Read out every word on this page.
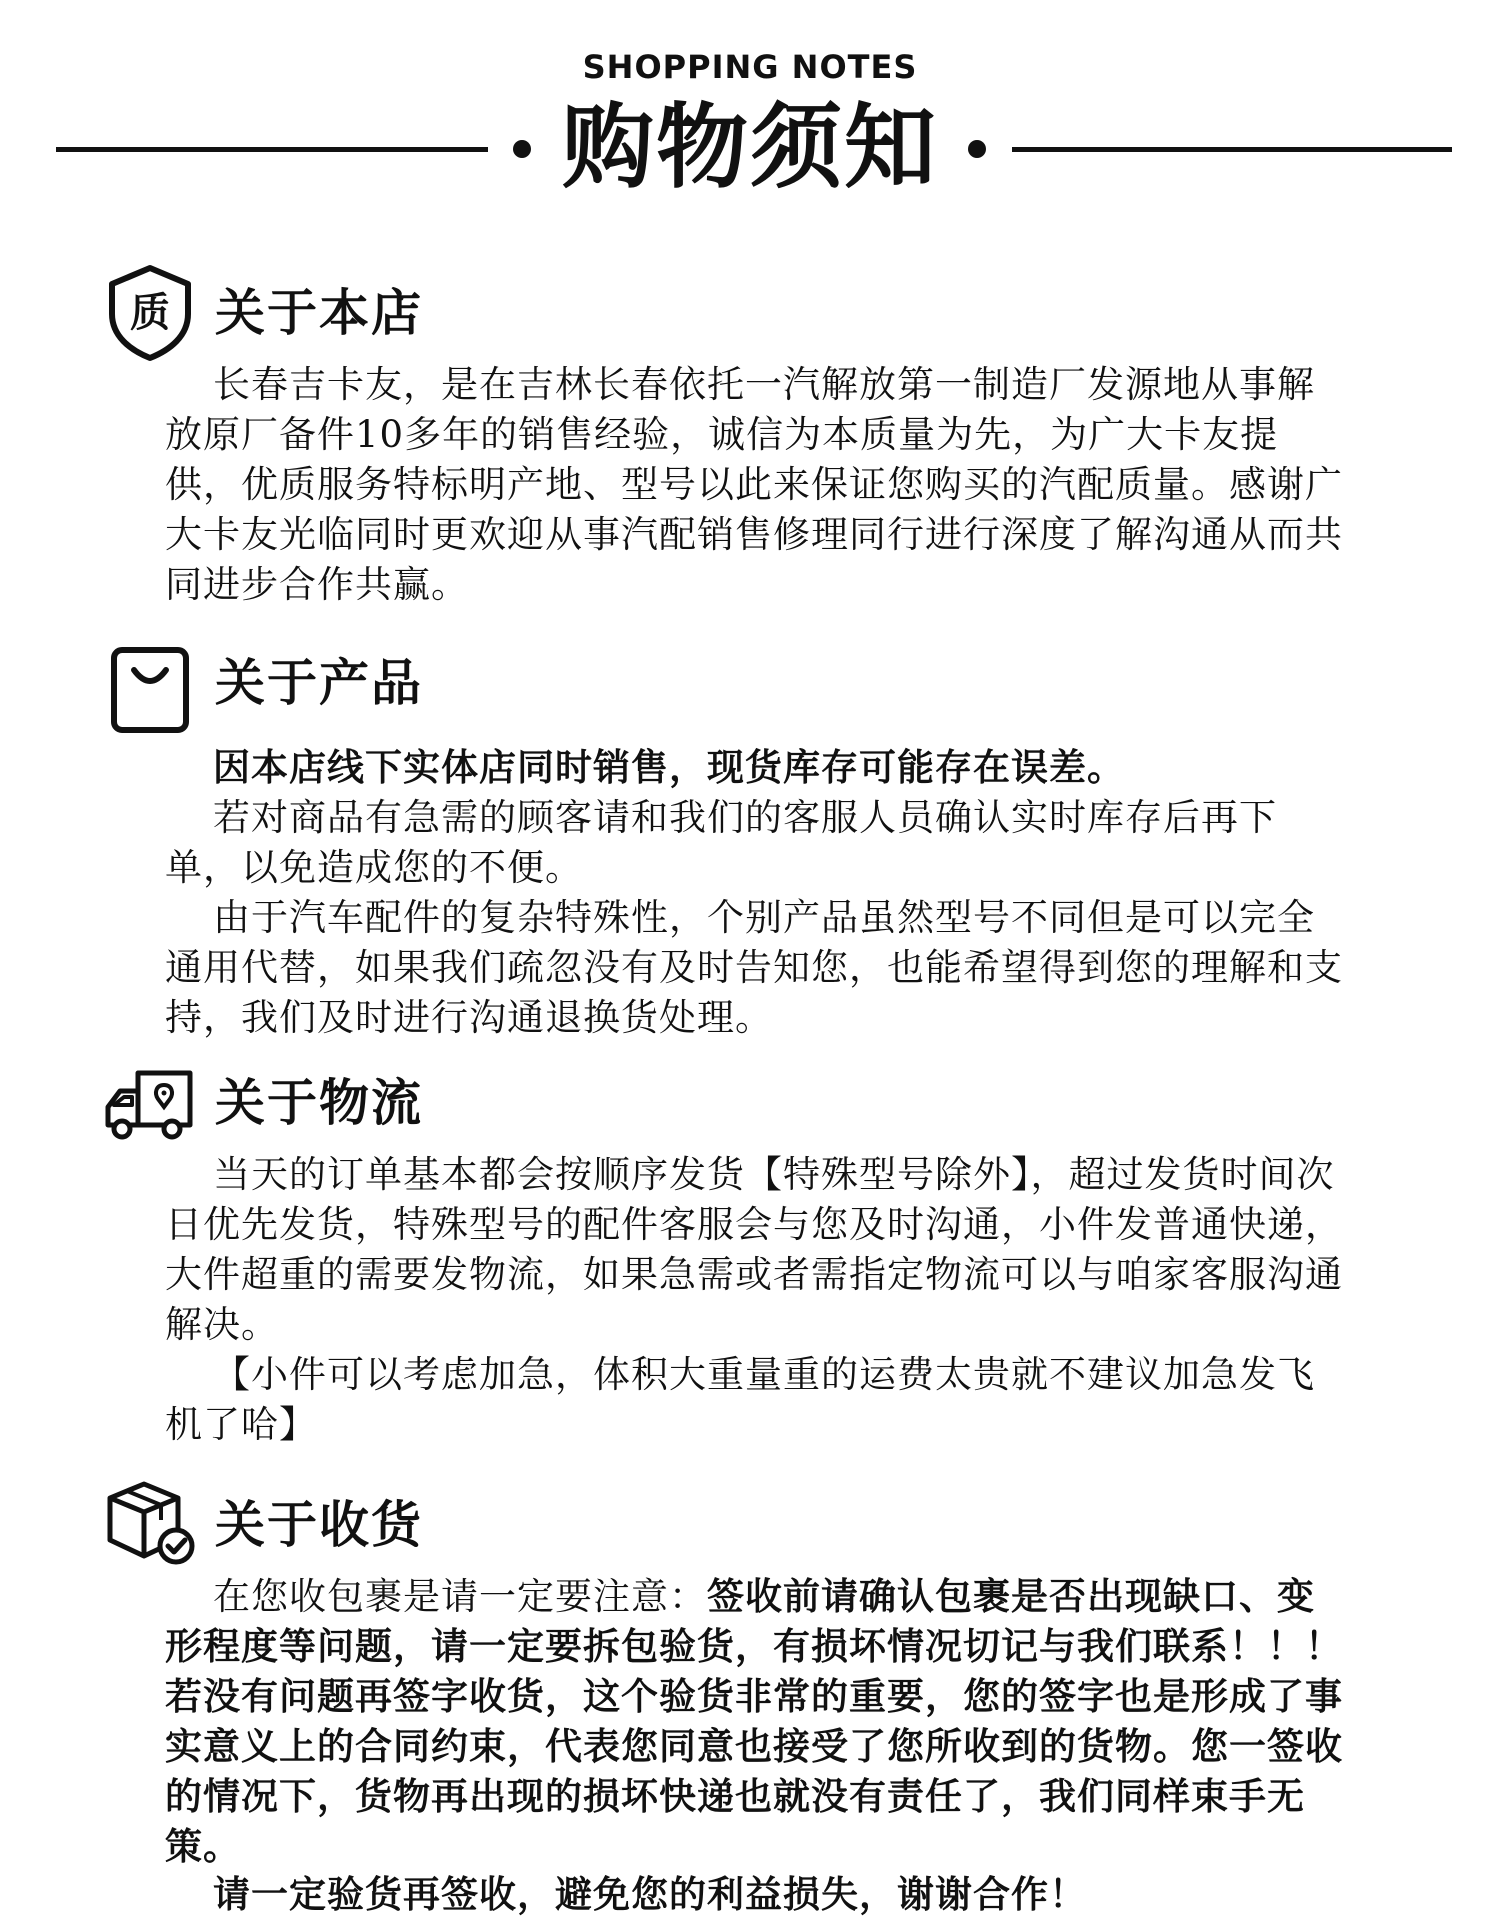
SHOPPING NOTES
购物须知
质 关于本店

长春吉卡友，是在吉林长春依托一汽解放第一制造厂发源地从事解放原厂备件10多年的销售经验，诚信为本质量为先，为广大卡友提供，优质服务特标明产地、型号以此来保证您购买的汽配质量。感谢广大卡友光临同时更欢迎从事汽配销售修理同行进行深度了解沟通从而共同进步合作共赢。

关于产品

因本店线下实体店同时销售，现货库存可能存在误差。

若对商品有急需的顾客请和我们的客服人员确认实时库存后再下单，以免造成您的不便。

由于汽车配件的复杂特殊性，个别产品虽然型号不同但是可以完全通用代替，如果我们疏忽没有及时告知您，也能希望得到您的理解和支持，我们及时进行沟通退换货处理。

关于物流

当天的订单基本都会按顺序发货【特殊型号除外】，超过发货时间次日优先发货，特殊型号的配件客服会与您及时沟通，小件发普通快递，大件超重的需要发物流，如果急需或者需指定物流可以与咱家客服沟通解决。

【小件可以考虑加急，体积大重量重的运费太贵就不建议加急发飞机了哈】

关于收货

在您收包裹是请一定要注意：签收前请确认包裹是否出现缺口、变形程度等问题，请一定要拆包验货，有损坏情况切记与我们联系！！！若没有问题再签字收货，这个验货非常的重要，您的签字也是形成了事实意义上的合同约束，代表您同意也接受了您所收到的货物。您一签收的情况下，货物再出现的损坏快递也就没有责任了，我们同样束手无策。

请一定验货再签收，避免您的利益损失，谢谢合作！
